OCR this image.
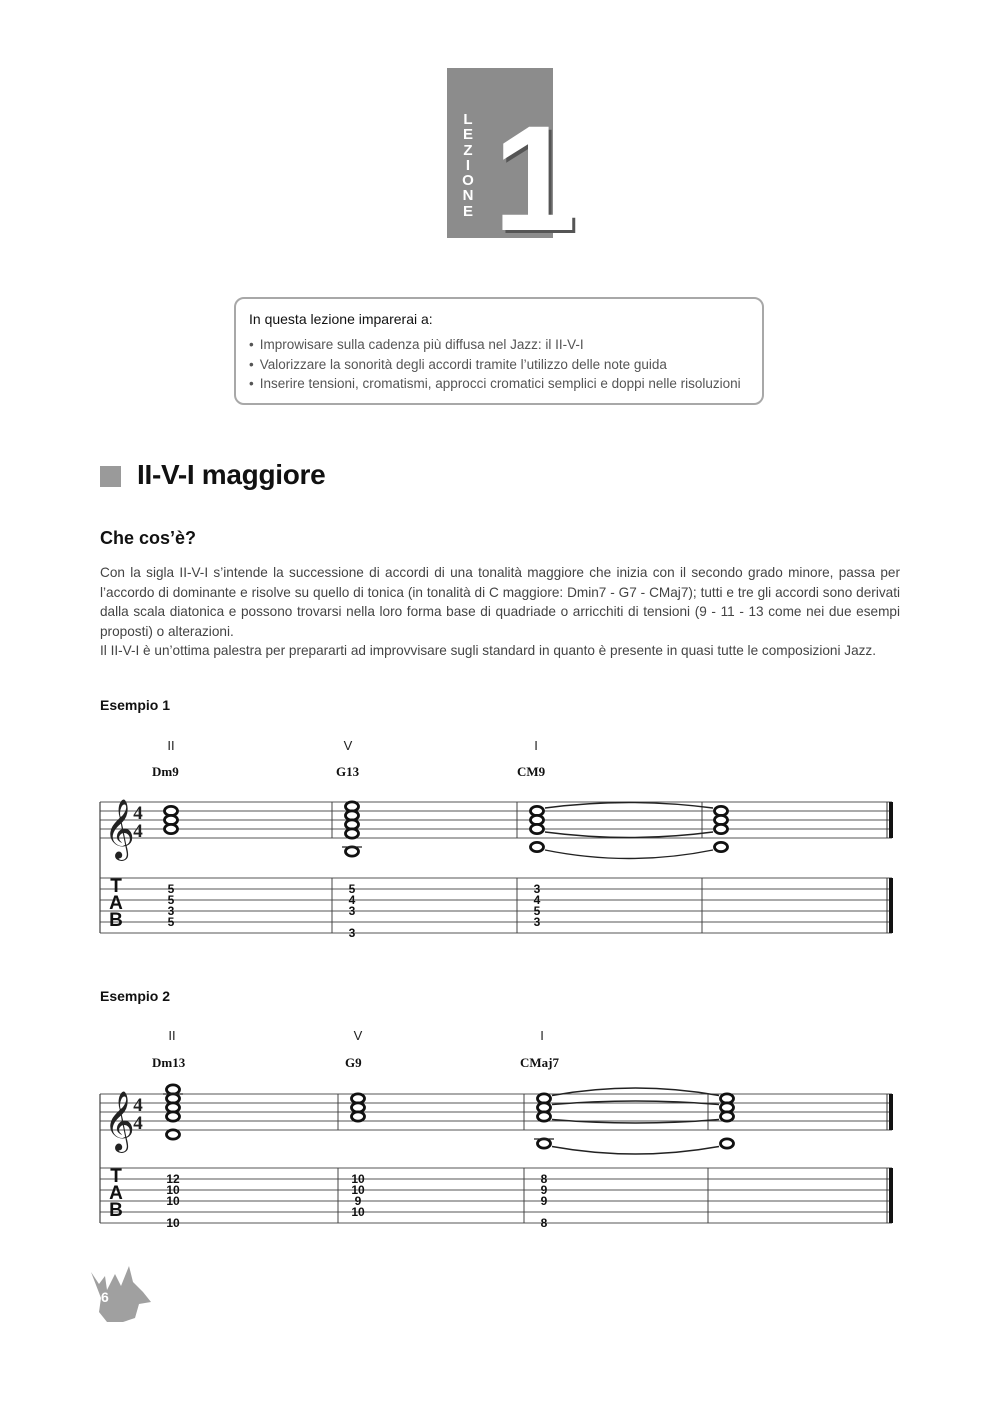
L
E
Z
I
O
N
E 1
In questa lezione imparerai a:
• Improwisare sulla cadenza più diffusa nel Jazz: il II-V-I
• Valorizzare la sonorità degli accordi tramite l’utilizzo delle note guida
• Inserire tensioni, cromatismi, approcci cromatici semplici e doppi nelle risoluzioni
II-V-I maggiore
Che cos’è?

Con la sigla II-V-I s’intende la successione di accordi di una tonalità maggiore che inizia con il secondo grado minore, passa per l’accordo di dominante e risolve su quello di tonica (in tonalità di C maggiore: Dmin7 - G7 - CMaj7); tutti e tre gli accordi sono derivati dalla scala diatonica e possono trovarsi nella loro forma base di quadriade o arricchiti di tensioni (9 - 11 - 13 come nei due esempi proposti) o alterazioni.

Il II-V-I è un’ottima palestra per prepararti ad improvvisare sugli standard in quanto è presente in quasi tutte le composizioni Jazz.

Esempio 1
𝄞
4
4
T
A
B
II
Dm9
5
5
3
5
V
G13
5
4
3
3
I
CM9
3
4
5
3
Esempio 2
𝄞
4
4
T
A
B
II
Dm13
12
10
10
10
V
G9
10
10
9
10
I
CMaj7
8
9
9
8
6
